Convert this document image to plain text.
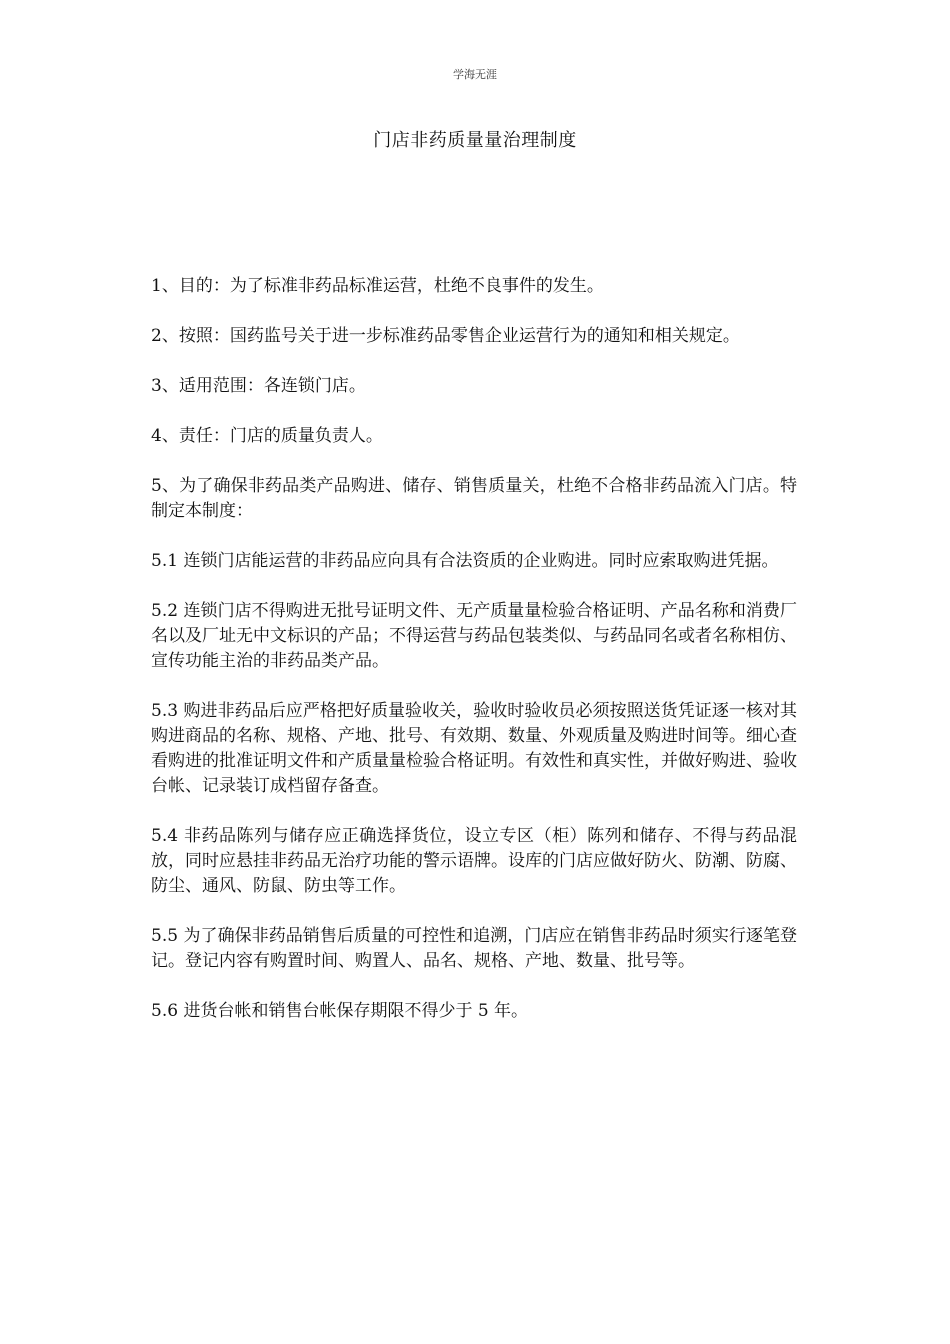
学海无涯
门店非药质量量治理制度

1、目的：为了标准非药品标准运营，杜绝不良事件的发生。

2、按照：国药监号关于进一步标准药品零售企业运营行为的通知和相关规定。

3、适用范围：各连锁门店。

4、责任：门店的质量负责人。

5、为了确保非药品类产品购进、储存、销售质量关，杜绝不合格非药品流入门店。特制定本制度：

5.1 连锁门店能运营的非药品应向具有合法资质的企业购进。同时应索取购进凭据。

5.2 连锁门店不得购进无批号证明文件、无产质量量检验合格证明、产品名称和消费厂名以及厂址无中文标识的产品；不得运营与药品包装类似、与药品同名或者名称相仿、宣传功能主治的非药品类产品。

5.3 购进非药品后应严格把好质量验收关，验收时验收员必须按照送货凭证逐一核对其购进商品的名称、规格、产地、批号、有效期、数量、外观质量及购进时间等。细心查看购进的批准证明文件和产质量量检验合格证明。有效性和真实性，并做好购进、验收台帐、记录装订成档留存备查。

5.4 非药品陈列与储存应正确选择货位，设立专区（柜）陈列和储存、不得与药品混放，同时应悬挂非药品无治疗功能的警示语牌。设库的门店应做好防火、防潮、防腐、防尘、通风、防鼠、防虫等工作。

5.5 为了确保非药品销售后质量的可控性和追溯，门店应在销售非药品时须实行逐笔登记。登记内容有购置时间、购置人、品名、规格、产地、数量、批号等。

5.6 进货台帐和销售台帐保存期限不得少于 5 年。
